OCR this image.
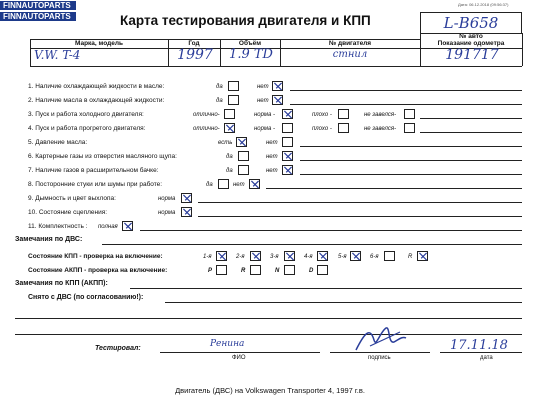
FINNAUTOPARTS
FINNAUTOPARTS
Дата: 06.12.2018 (09:56:37)
Карта тестирования двигателя и КПП	L-B658
№ авто
Марка, модель	Год	Объём	№ двигателя	Показание одометра
V.W. T-4	1997	1.9 TD	стнил	191717
1. Наличие охлаждающей жидкости в масле:	да	нет
2. Наличие масла в охлаждающей жидкости:	да	нет
3. Пуск и работа холодного двигателя:	отлично-	норма -	плохо -	не завелся-
4. Пуск и работа прогретого двигателя:	отлично-	норма -	плохо -	не завелся-
5. Давление масла:	есть	нет
6. Картерные газы из отверстия масляного щупа:	да	нет
7. Наличие газов в расширительном бачке:	да	нет
8. Посторонние стуки или шумы при работе:	да	нет
9. Дымность и цвет выхлопа:	норма
10. Состояние сцепления:	норма
11. Комплектность : полная
Замечания по ДВС:
Состояние КПП - проверка на включение:	1-я	2-я	3-я	4-я	5-я	6-я	R
Состояние АКПП - проверка на включение:	P	R	N	D
Замечания по КПП (АКПП):
Снято с ДВС (по согласованию!):
Тестировал:	Ренина	17.11.18
ФИО	подпись	дата
Двигатель (ДВС) на Volkswagen Transporter 4, 1997 г.в.
